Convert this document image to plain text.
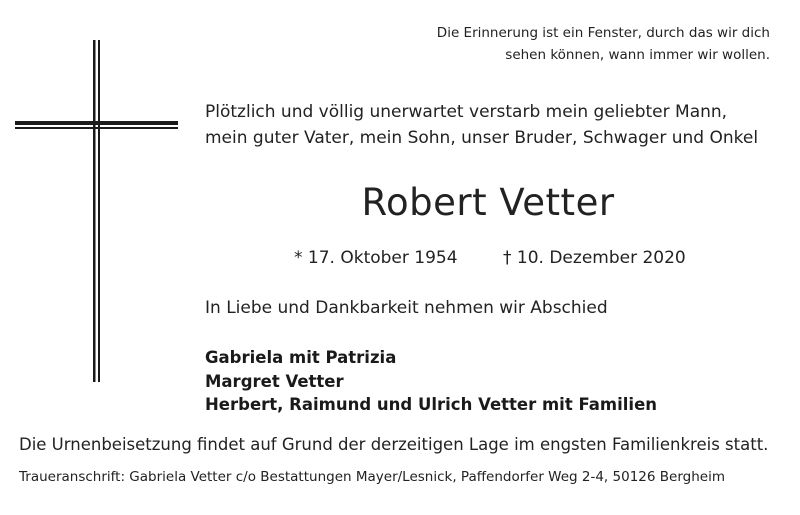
Die Erinnerung ist ein Fenster, durch das wir dich
sehen können, wann immer wir wollen.
Plötzlich und völlig unerwartet verstarb mein geliebter Mann,
mein guter Vater, mein Sohn, unser Bruder, Schwager und Onkel
Robert Vetter
* 17. Oktober 1954	† 10. Dezember 2020
In Liebe und Dankbarkeit nehmen wir Abschied
Gabriela mit Patrizia
Margret Vetter
Herbert, Raimund und Ulrich Vetter mit Familien
Die Urnenbeisetzung findet auf Grund der derzeitigen Lage im engsten Familienkreis statt.
Traueranschrift: Gabriela Vetter c/o Bestattungen Mayer/Lesnick, Paffendorfer Weg 2-4, 50126 Bergheim
